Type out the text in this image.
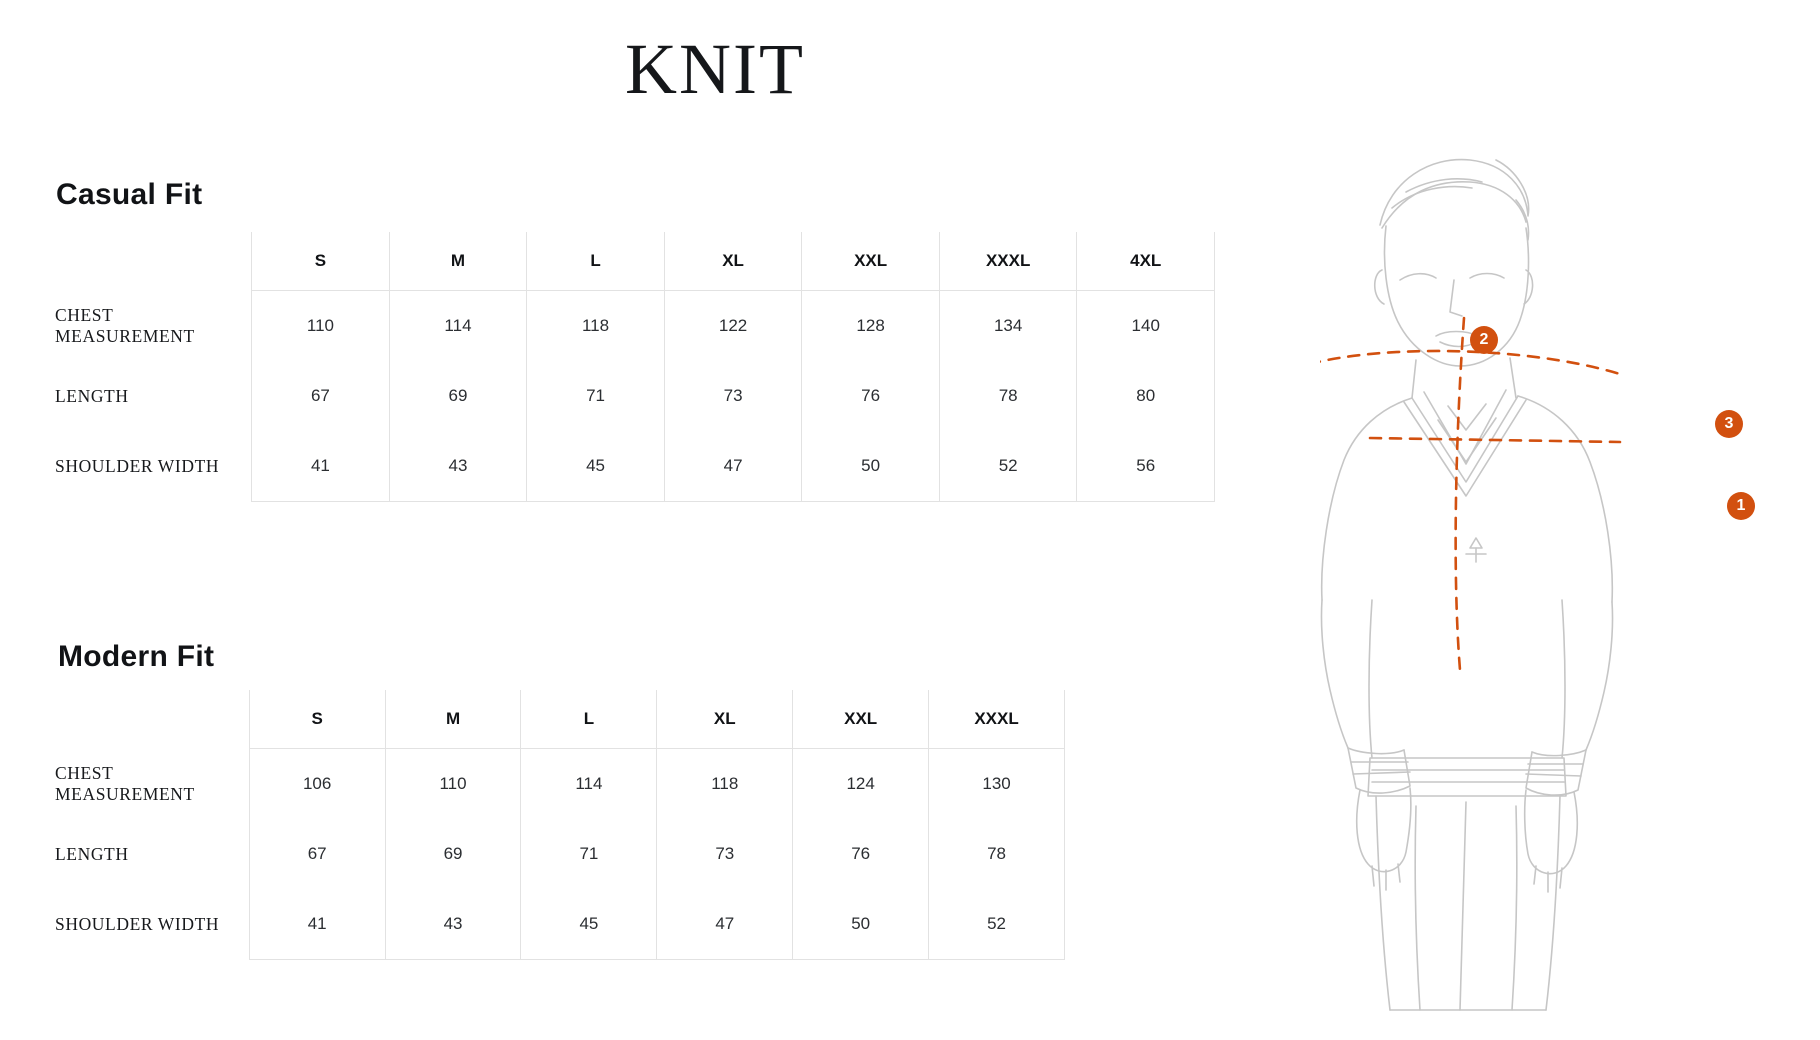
KNIT
Casual Fit
	S	M	L	XL	XXL	XXXL	4XL
CHEST MEASUREMENT	110	114	118	122	128	134	140
LENGTH	67	69	71	73	76	78	80
SHOULDER WIDTH	41	43	45	47	50	52	56
Modern Fit
	S	M	L	XL	XXL	XXXL
CHEST MEASUREMENT	106	110	114	118	124	130
LENGTH	67	69	71	73	76	78
SHOULDER WIDTH	41	43	45	47	50	52
2
3
1
